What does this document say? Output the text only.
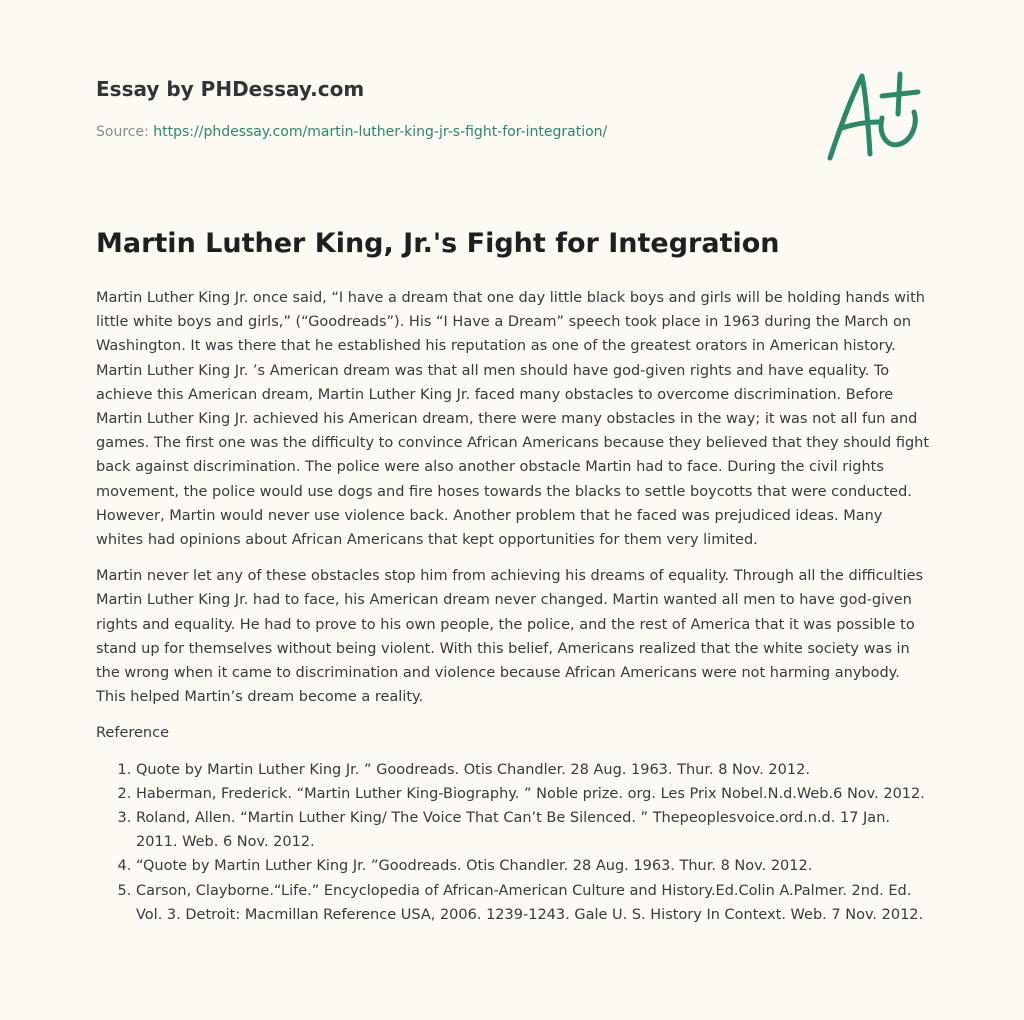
Essay by PHDessay.com
Source: https://phdessay.com/martin-luther-king-jr-s-fight-for-integration/
Martin Luther King, Jr.'s Fight for Integration

Martin Luther King Jr. once said, “I have a dream that one day little black boys and girls will be holding hands with little white boys and girls,” (“Goodreads”). His “I Have a Dream” speech took place in 1963 during the March on Washington. It was there that he established his reputation as one of the greatest orators in American history. Martin Luther King Jr. ’s American dream was that all men should have god-given rights and have equality. To achieve this American dream, Martin Luther King Jr. faced many obstacles to overcome discrimination. Before Martin Luther King Jr. achieved his American dream, there were many obstacles in the way; it was not all fun and games. The first one was the difficulty to convince African Americans because they believed that they should fight back against discrimination. The police were also another obstacle Martin had to face. During the civil rights movement, the police would use dogs and fire hoses towards the blacks to settle boycotts that were conducted. However, Martin would never use violence back. Another problem that he faced was prejudiced ideas. Many whites had opinions about African Americans that kept opportunities for them very limited.

Martin never let any of these obstacles stop him from achieving his dreams of equality. Through all the difficulties Martin Luther King Jr. had to face, his American dream never changed. Martin wanted all men to have god-given rights and equality. He had to prove to his own people, the police, and the rest of America that it was possible to stand up for themselves without being violent. With this belief, Americans realized that the white society was in the wrong when it came to discrimination and violence because African Americans were not harming anybody. This helped Martin’s dream become a reality.

Reference

1. Quote by Martin Luther King Jr. ” Goodreads. Otis Chandler. 28 Aug. 1963. Thur. 8 Nov. 2012.
2. Haberman, Frederick. “Martin Luther King-Biography. ” Noble prize. org. Les Prix Nobel.N.d.Web.6 Nov. 2012.
3. Roland, Allen. “Martin Luther King/ The Voice That Can’t Be Silenced. ” Thepeoplesvoice.ord.n.d. 17 Jan. 2011. Web. 6 Nov. 2012.
4. “Quote by Martin Luther King Jr. ”Goodreads. Otis Chandler. 28 Aug. 1963. Thur. 8 Nov. 2012.
5. Carson, Clayborne.“Life.” Encyclopedia of African-American Culture and History.Ed.Colin A.Palmer. 2nd. Ed. Vol. 3. Detroit: Macmillan Reference USA, 2006. 1239-1243. Gale U. S. History In Context. Web. 7 Nov. 2012.
